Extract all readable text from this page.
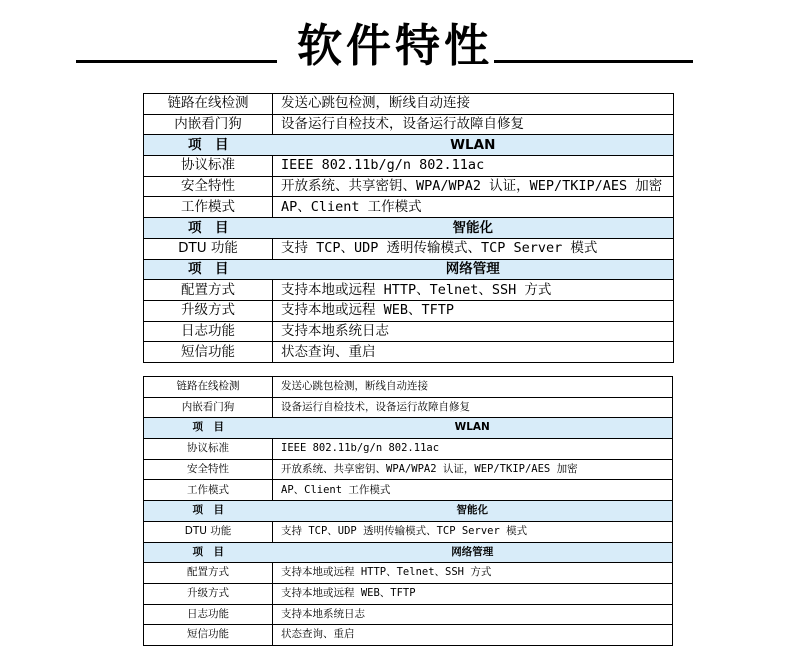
软件特性
链路在线检测	发送心跳包检测，断线自动连接
内嵌看门狗	设备运行自检技术，设备运行故障自修复
项　目	WLAN
协议标准	IEEE 802.11b/g/n 802.11ac
安全特性	开放系统、共享密钥、WPA/WPA2 认证，WEP/TKIP/AES 加密
工作模式	AP、Client 工作模式
项　目	智能化
DTU 功能	支持 TCP、UDP 透明传输模式、TCP Server 模式
项　目	网络管理
配置方式	支持本地或远程 HTTP、Telnet、SSH 方式
升级方式	支持本地或远程 WEB、TFTP
日志功能	支持本地系统日志
短信功能	状态查询、重启
链路在线检测	发送心跳包检测，断线自动连接
内嵌看门狗	设备运行自检技术，设备运行故障自修复
项　目	WLAN
协议标准	IEEE 802.11b/g/n 802.11ac
安全特性	开放系统、共享密钥、WPA/WPA2 认证，WEP/TKIP/AES 加密
工作模式	AP、Client 工作模式
项　目	智能化
DTU 功能	支持 TCP、UDP 透明传输模式、TCP Server 模式
项　目	网络管理
配置方式	支持本地或远程 HTTP、Telnet、SSH 方式
升级方式	支持本地或远程 WEB、TFTP
日志功能	支持本地系统日志
短信功能	状态查询、重启
